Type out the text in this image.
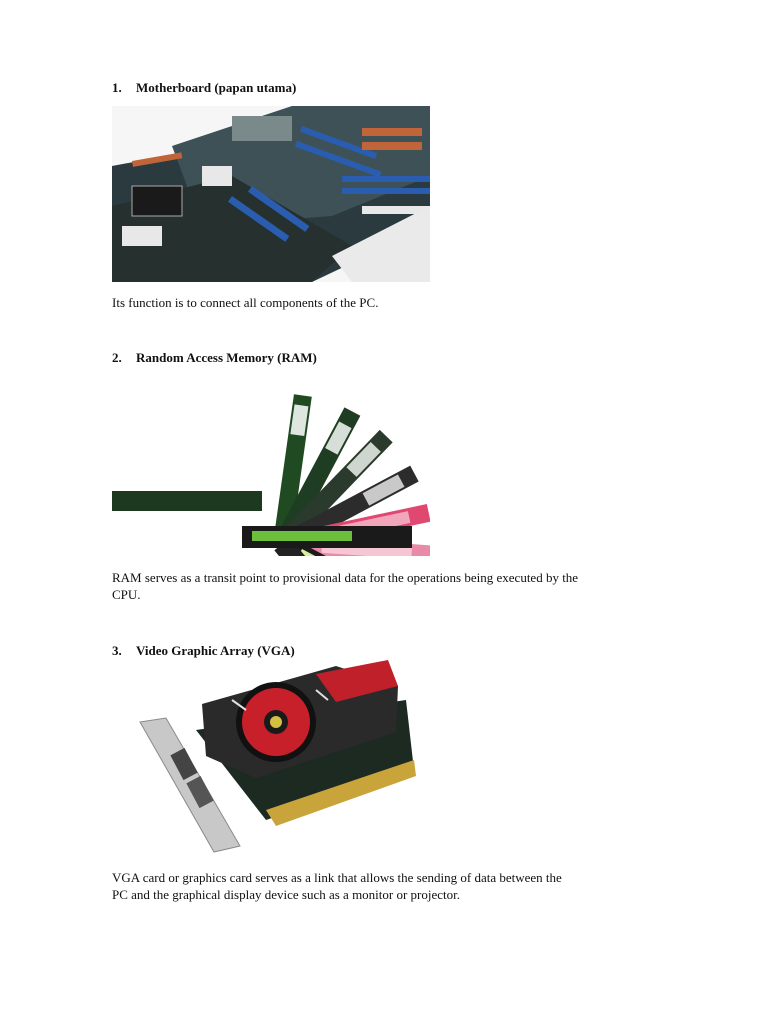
1. Motherboard (papan utama)
Its function is to connect all components of the PC.
2. Random Access Memory (RAM)
RAM serves as a transit point to provisional data for the operations being executed by the
CPU.
3. Video Graphic Array (VGA)
VGA card or graphics card serves as a link that allows the sending of data between the
PC and the graphical display device such as a monitor or projector.
